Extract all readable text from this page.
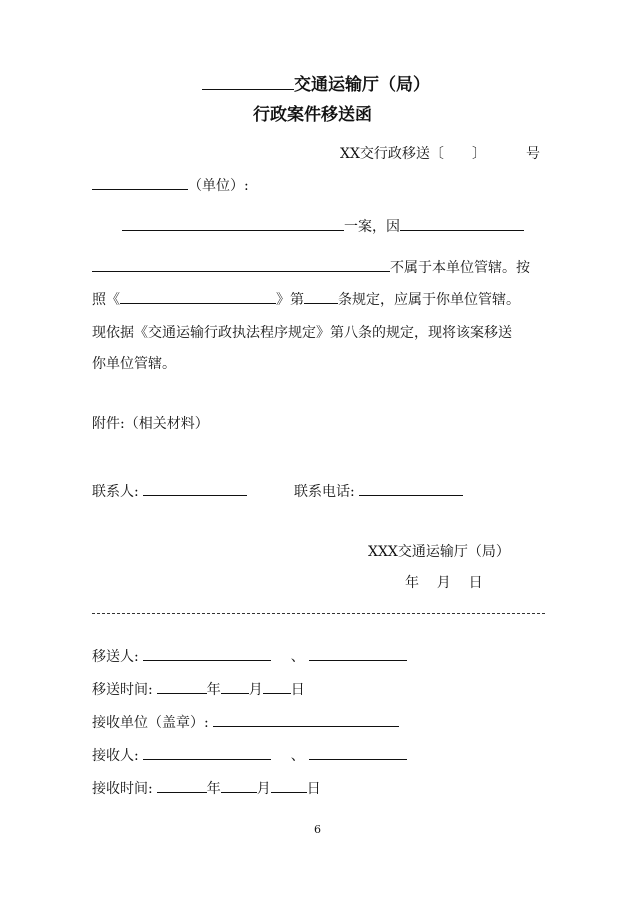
交通运输厅（局）
行政案件移送函
XX交行政移送〔 〕	号
（单位）:
一案，因
不属于本单位管辖。按
照《	》第 条规定，应属于你单位管辖。
现依据《交通运输行政执法程序规定》第八条的规定，现将该案移送
你单位管辖。
附件:（相关材料）
联系人:	联系电话:
XXX交通运输厅（局）
年    月    日
移送人:	、
移送时间:	年 月 日
接收单位（盖章）:
接收人:	、
接收时间:	年	月	日
6
